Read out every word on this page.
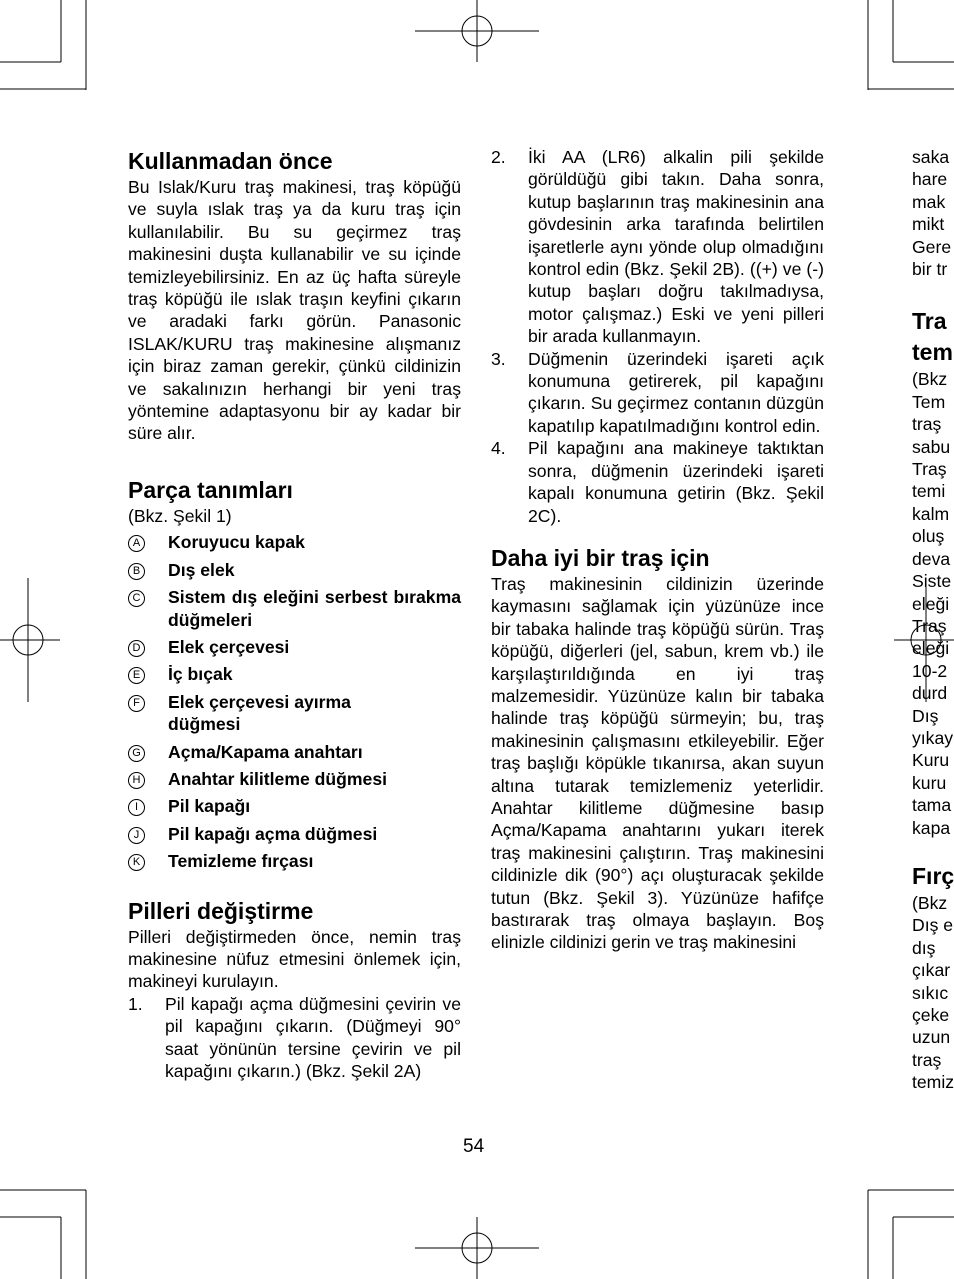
Kullanmadan önce

Bu Islak/Kuru traş makinesi, traş köpüğü ve suyla ıslak traş ya da kuru traş için kullanılabilir. Bu su geçirmez traş makinesini duşta kullanabilir ve su içinde temizleyebilirsiniz. En az üç hafta süreyle traş köpüğü ile ıslak traşın keyfini çıkarın ve aradaki farkı görün. Panasonic ISLAK/KURU traş makinesine alışmanız için biraz zaman gerekir, çünkü cildinizin ve sakalınızın herhangi bir yeni traş yöntemine adaptasyonu bir ay kadar bir süre alır.

Parça tanımları

(Bkz. Şekil 1)

A	Koruyucu kapak
B	Dış elek
C	Sistem dış eleğini serbest bırakma düğmeleri
D	Elek çerçevesi
E	İç bıçak
F	Elek çerçevesi ayırma düğmesi
G	Açma/Kapama anahtarı
H	Anahtar kilitleme düğmesi
I	Pil kapağı
J	Pil kapağı açma düğmesi
K	Temizleme fırçası
Pilleri değiştirme

Pilleri değiştirmeden önce, nemin traş makinesine nüfuz etmesini önlemek için, makineyi kurulayın.

1.	Pil kapağı açma düğmesini çevirin ve pil kapağını çıkarın. (Düğmeyi 90° saat yönünün tersine çevirin ve pil kapağını çıkarın.) (Bkz. Şekil 2A)
2.	İki AA (LR6) alkalin pili şekilde görüldüğü gibi takın. Daha sonra, kutup başlarının traş makinesinin ana gövdesinin arka tarafında belirtilen işaretlerle aynı yönde olup olmadığını kontrol edin (Bkz. Şekil 2B). ((+) ve (-) kutup başları doğru takılmadıysa, motor çalışmaz.) Eski ve yeni pilleri bir arada kullanmayın.
3.	Düğmenin üzerindeki işareti açık konumuna getirerek, pil kapağını çıkarın. Su geçirmez contanın düzgün kapatılıp kapatılmadığını kontrol edin.
4.	Pil kapağını ana makineye taktıktan sonra, düğmenin üzerindeki işareti kapalı konumuna getirin (Bkz. Şekil 2C).
Daha iyi bir traş için

Traş makinesinin cildinizin üzerinde kaymasını sağlamak için yüzünüze ince bir tabaka halinde traş köpüğü sürün. Traş köpüğü, diğerleri (jel, sabun, krem vb.) ile karşılaştırıldığında en iyi traş malzemesidir. Yüzünüze kalın bir tabaka halinde traş köpüğü sürmeyin; bu, traş makinesinin çalışmasını etkileyebilir. Eğer traş başlığı köpükle tıkanırsa, akan suyun altına tutarak temizlemeniz yeterlidir. Anahtar kilitleme düğmesine basıp Açma/Kapama anahtarını yukarı iterek traş makinesini çalıştırın. Traş makinesini cildinizle dik (90°) açı oluşturacak şekilde tutun (Bkz. Şekil 3). Yüzünüze hafifçe bastırarak traş olmaya başlayın. Boş elinizle cildinizi gerin ve traş makinesini

saka
hare
mak
mikt
Gere
bir tr
Tra
tem
(Bkz
Tem
traş
sabu
Traş
temi
kalm
oluş
deva
Siste
eleği
Traş
eleği
10-2
durd
Dış
yıkay
Kuru
kuru
tama
kapa
Fırç
(Bkz
Dış e
dış
çıkar
sıkıc
çeke
uzun
traş
temiz
54
